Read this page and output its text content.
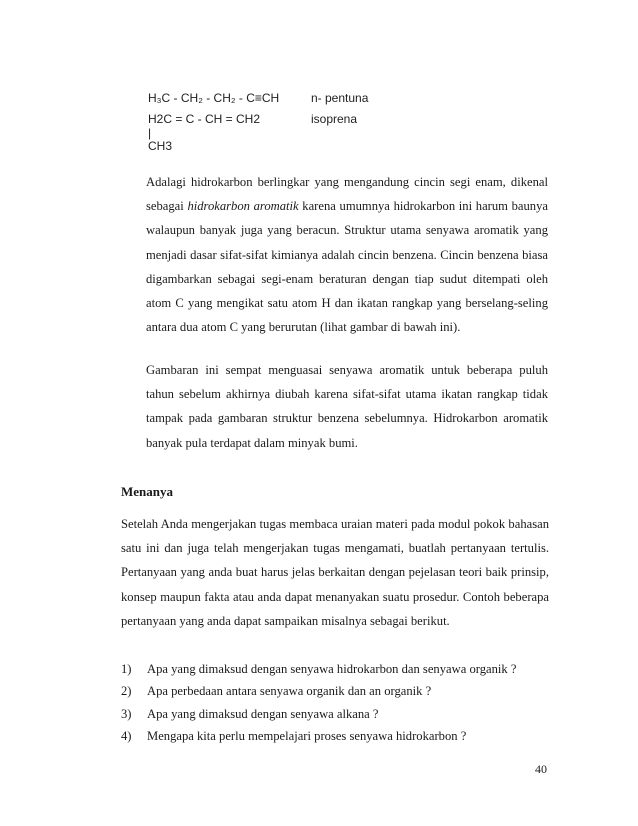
H₃C - CH₂ - CH₂ - C≡CH	n- pentuna
H2C = C - CH = CH2
|
CH3
isoprena

Adalagi hidrokarbon berlingkar yang mengandung cincin segi enam, dikenal sebagai hidrokarbon aromatik karena umumnya hidrokarbon ini harum baunya walaupun banyak juga yang beracun. Struktur utama senyawa aromatik yang menjadi dasar sifat-sifat kimianya adalah cincin benzena. Cincin benzena biasa digambarkan sebagai segi-enam beraturan dengan tiap sudut ditempati oleh atom C yang mengikat satu atom H dan ikatan rangkap yang berselang-seling antara dua atom C yang berurutan (lihat gambar di bawah ini).

Gambaran ini sempat menguasai senyawa aromatik untuk beberapa puluh tahun sebelum akhirnya diubah karena sifat-sifat utama ikatan rangkap tidak tampak pada gambaran struktur benzena sebelumnya. Hidrokarbon aromatik banyak pula terdapat dalam minyak bumi.

Menanya

Setelah Anda mengerjakan tugas membaca uraian materi pada modul pokok bahasan satu ini dan juga telah mengerjakan tugas mengamati, buatlah pertanyaan tertulis. Pertanyaan yang anda buat harus jelas berkaitan dengan pejelasan teori baik prinsip, konsep maupun fakta atau anda dapat menanyakan suatu prosedur. Contoh beberapa pertanyaan yang anda dapat sampaikan misalnya sebagai berikut.

1) Apa yang dimaksud dengan senyawa hidrokarbon dan senyawa organik ?
2) Apa perbedaan antara senyawa organik dan an organik ?
3) Apa yang dimaksud dengan senyawa alkana ?
4) Mengapa kita perlu mempelajari proses senyawa hidrokarbon ?
40
